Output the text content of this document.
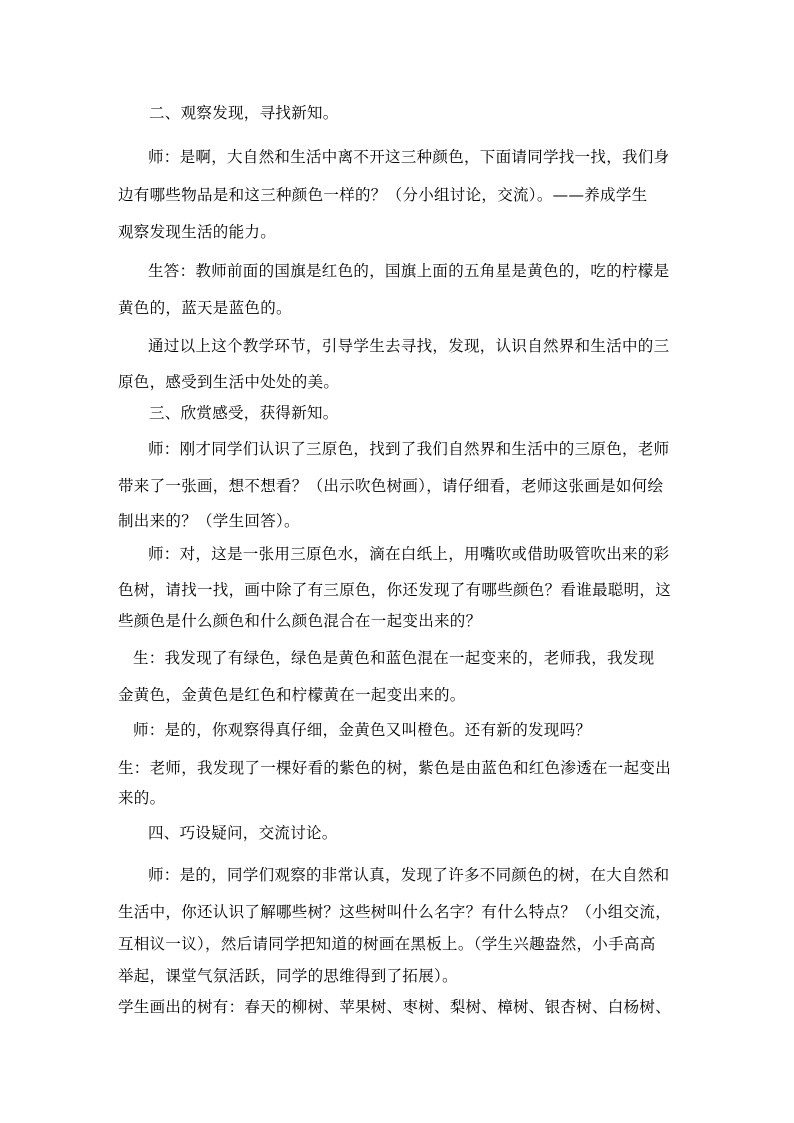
二、观察发现，寻找新知。
师：是啊，大自然和生活中离不开这三种颜色，下面请同学找一找，我们身
边有哪些物品是和这三种颜色一样的？（分小组讨论，交流）。——养成学生
观察发现生活的能力。
生答：教师前面的国旗是红色的，国旗上面的五角星是黄色的，吃的柠檬是
黄色的，蓝天是蓝色的。
通过以上这个教学环节，引导学生去寻找，发现，认识自然界和生活中的三
原色，感受到生活中处处的美。
三、欣赏感受，获得新知。
师：刚才同学们认识了三原色，找到了我们自然界和生活中的三原色，老师
带来了一张画，想不想看？（出示吹色树画），请仔细看，老师这张画是如何绘
制出来的？（学生回答）。
师：对，这是一张用三原色水，滴在白纸上，用嘴吹或借助吸管吹出来的彩
色树，请找一找，画中除了有三原色，你还发现了有哪些颜色？看谁最聪明，这
些颜色是什么颜色和什么颜色混合在一起变出来的？
生：我发现了有绿色，绿色是黄色和蓝色混在一起变来的，老师我，我发现
金黄色，金黄色是红色和柠檬黄在一起变出来的。
师：是的，你观察得真仔细，金黄色又叫橙色。还有新的发现吗？
生：老师，我发现了一棵好看的紫色的树，紫色是由蓝色和红色渗透在一起变出
来的。
四、巧设疑问，交流讨论。
师：是的，同学们观察的非常认真，发现了许多不同颜色的树，在大自然和
生活中，你还认识了解哪些树？这些树叫什么名字？有什么特点？（小组交流，
互相议一议），然后请同学把知道的树画在黑板上。（学生兴趣盎然，小手高高
举起，课堂气氛活跃，同学的思维得到了拓展）。
学生画出的树有：春天的柳树、苹果树、枣树、梨树、樟树、银杏树、白杨树、
